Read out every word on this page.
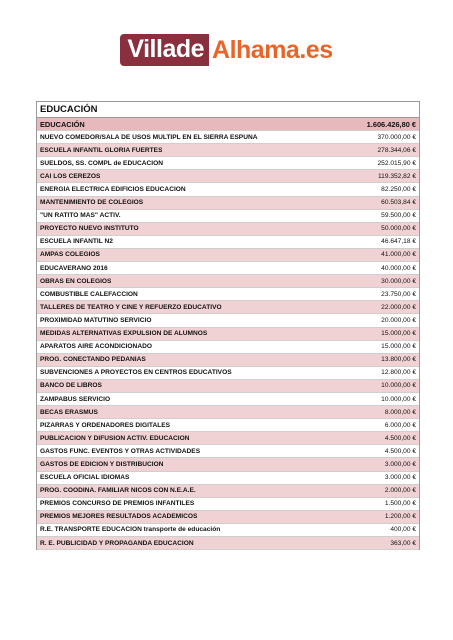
Villade Alhama.es
EDUCACIÓN
EDUCACIÓN	1.606.426,80 €
NUEVO COMEDOR/SALA DE USOS MULTIPL EN EL SIERRA ESPUÑA	370.000,00 €
ESCUELA INFANTIL GLORIA FUERTES	278.344,06 €
SUELDOS, SS. COMPL de EDUCACIÓN	252.015,90 €
CAI LOS CEREZOS	119.352,82 €
ENERGÍA ELÉCTRICA EDIFICIOS EDUCACIÓN	82.250,00 €
MANTENIMIENTO DE COLEGIOS	60.503,84 €
"UN RATITO MAS" ACTIV.	59.500,00 €
PROYECTO NUEVO INSTITUTO	50.000,00 €
ESCUELA INFANTIL N2	46.647,18 €
AMPAS COLEGIOS	41.000,00 €
EDUCAVERANO 2016	40.000,00 €
OBRAS EN COLEGIOS	30.000,00 €
COMBUSTIBLE CALEFACCIÓN	23.750,00 €
TALLERES DE TEATRO Y CINE Y REFUERZO EDUCATIVO	22.000,00 €
PROXIMIDAD MATUTINO SERVICIO	20.000,00 €
MEDIDAS ALTERNATIVAS EXPULSIÓN DE ALUMNOS	15.000,00 €
APARATOS AIRE ACONDICIONADO	15.000,00 €
PROG. CONECTANDO PEDANIAS	13.800,00 €
SUBVENCIONES A PROYECTOS EN CENTROS EDUCATIVOS	12.800,00 €
BANCO DE LIBROS	10.000,00 €
ZAMPABUS SERVICIO	10.000,00 €
BECAS ERASMUS	8.000,00 €
PIZARRAS Y ORDENADORES DIGITALES	6.000,00 €
PUBLICACIÓN Y DIFUSIÓN ACTIV. EDUCACIÓN	4.500,00 €
GASTOS FUNC. EVENTOS Y OTRAS ACTIVIDADES	4.500,00 €
GASTOS DE EDICION Y DISTRIBUCIÓN	3.000,00 €
ESCUELA OFICIAL IDIOMAS	3.000,00 €
PROG. COODINA. FAMILIAR NICOS CON N.E.A.E.	2.000,00 €
PREMIOS CONCURSO DE PREMIOS INFANTILES	1.500,00 €
PREMIOS MEJORES RESULTADOS ACADEMICOS	1.200,00 €
R.E. TRANSPORTE EDUCACIÓN transporte de educación	400,00 €
R. E. PUBLICIDAD Y PROPAGANDA EDUCACIÓN	363,00 €
